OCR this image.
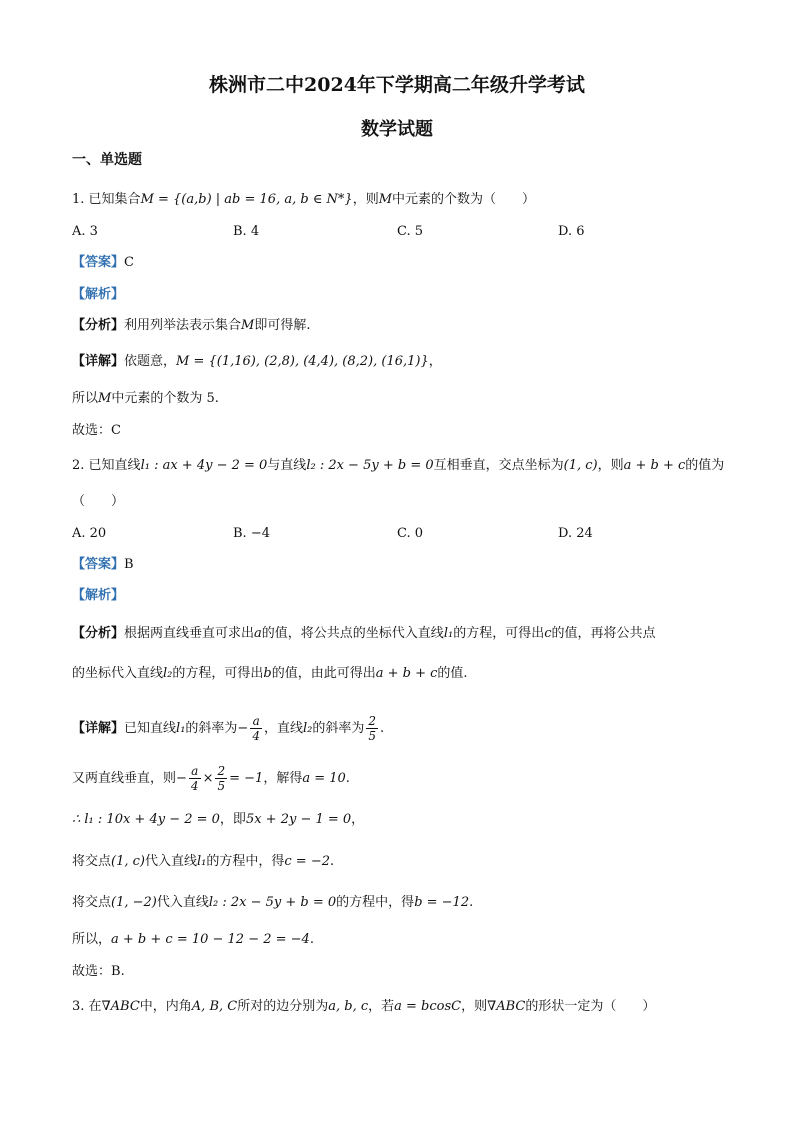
株洲市二中2024年下学期高二年级升学考试
数学试题
一、单选题
1. 已知集合M = {(a,b) | ab = 16, a, b ∈ N*}，则M中元素的个数为（　　）
A. 3	B. 4	C. 5	D. 6
【答案】C
【解析】
【分析】利用列举法表示集合M即可得解.
【详解】依题意，M = {(1,16), (2,8), (4,4), (8,2), (16,1)}，
所以M中元素的个数为 5.
故选：C
2. 已知直线l₁ : ax + 4y − 2 = 0与直线l₂ : 2x − 5y + b = 0互相垂直，交点坐标为(1, c)，则a + b + c的值为
（　　）
A. 20	B. −4	C. 0	D. 24
【答案】B
【解析】
【分析】根据两直线垂直可求出a的值，将公共点的坐标代入直线l₁的方程，可得出c的值，再将公共点
的坐标代入直线l₂的方程，可得出b的值，由此可得出a + b + c的值.
【详解】已知直线l₁的斜率为− $\frac{a}{4}$ ，直线l₂的斜率为 $\frac{2}{5}$ .
又两直线垂直，则− $\frac{a}{4} \times \frac{2}{5} = -1$，解得a = 10.
∴ l₁ : 10x + 4y − 2 = 0，即5x + 2y − 1 = 0，
将交点(1, c)代入直线l₁的方程中，得c = −2.
将交点(1, −2)代入直线l₂ : 2x − 5y + b = 0的方程中，得b = −12.
所以，a + b + c = 10 − 12 − 2 = −4.
故选：B.
3. 在∇ABC中，内角A, B, C所对的边分别为a, b, c，若a = bcosC，则∇ABC的形状一定为（　　）
